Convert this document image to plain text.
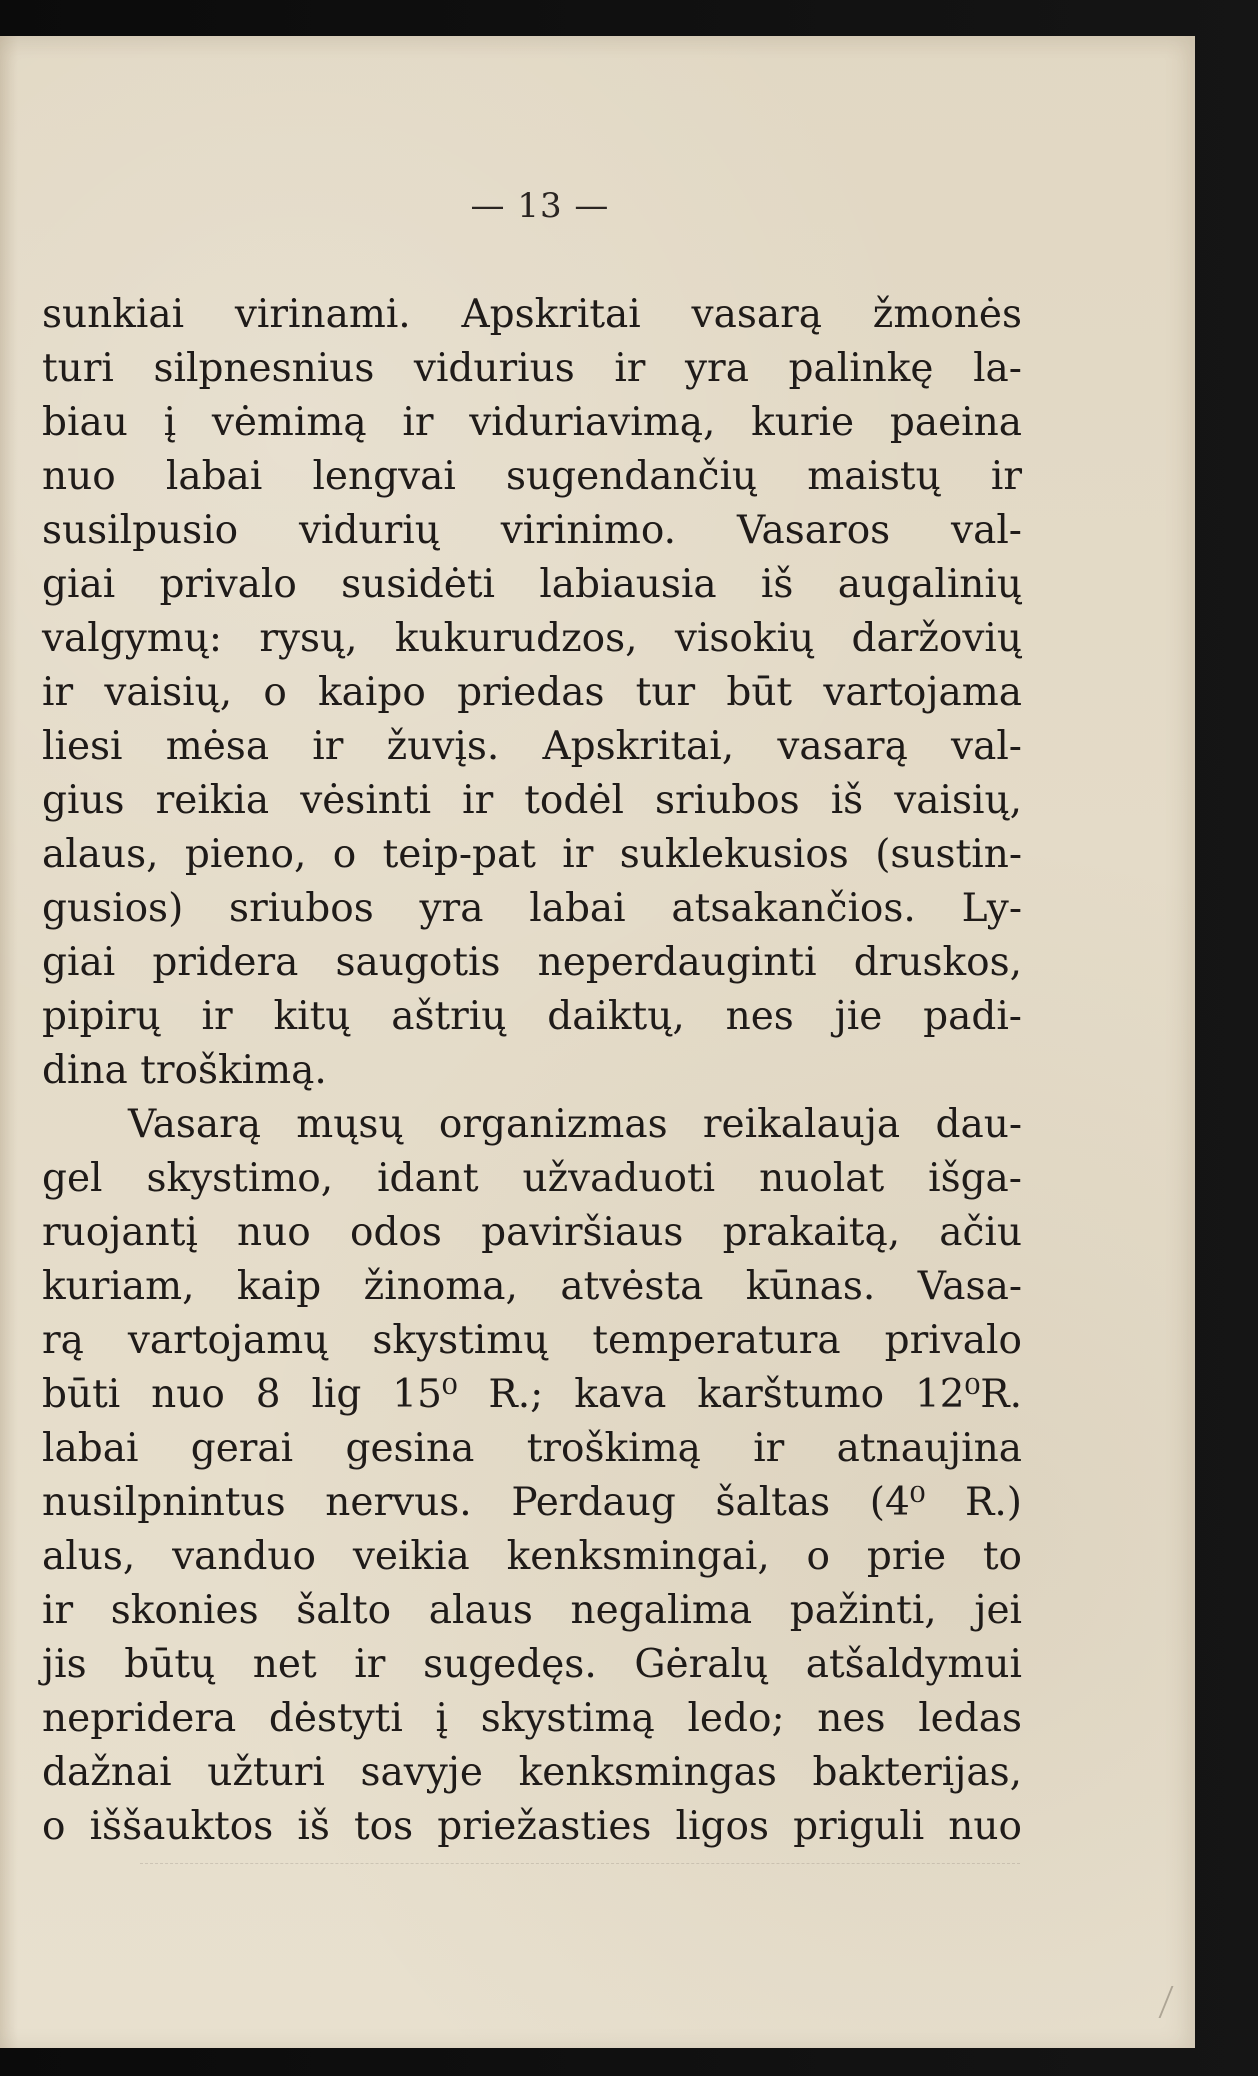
— 13 —
sunkiai virinami. Apskritai vasarą žmonės
turi silpnesnius vidurius ir yra palinkę la-
biau į vėmimą ir viduriavimą, kurie paeina
nuo labai lengvai sugendančių maistų ir
susilpusio vidurių virinimo. Vasaros val-
giai privalo susidėti labiausia iš augalinių
valgymų: rysų, kukurudzos, visokių daržovių
ir vaisių, o kaipo priedas tur būt vartojama
liesi mėsa ir žuvįs. Apskritai, vasarą val-
gius reikia vėsinti ir todėl sriubos iš vaisių,
alaus, pieno, o teip-pat ir suklekusios (sustin-
gusios) sriubos yra labai atsakančios. Ly-
giai pridera saugotis neperdauginti druskos,
pipirų ir kitų aštrių daiktų, nes jie padi-
dina troškimą.
Vasarą mųsų organizmas reikalauja dau-
gel skystimo, idant užvaduoti nuolat išga-
ruojantį nuo odos paviršiaus prakaitą, ačiu
kuriam, kaip žinoma, atvėsta kūnas. Vasa-
rą vartojamų skystimų temperatura privalo
būti nuo 8 lig 15⁰ R.; kava karštumo 12⁰R.
labai gerai gesina troškimą ir atnaujina
nusilpnintus nervus. Perdaug šaltas (4⁰ R.)
alus, vanduo veikia kenksmingai, o prie to
ir skonies šalto alaus negalima pažinti, jei
jis būtų net ir sugedęs. Gėralų atšaldymui
nepridera dėstyti į skystimą ledo; nes ledas
dažnai užturi savyje kenksmingas bakterijas,
o iššauktos iš tos priežasties ligos priguli nuo
